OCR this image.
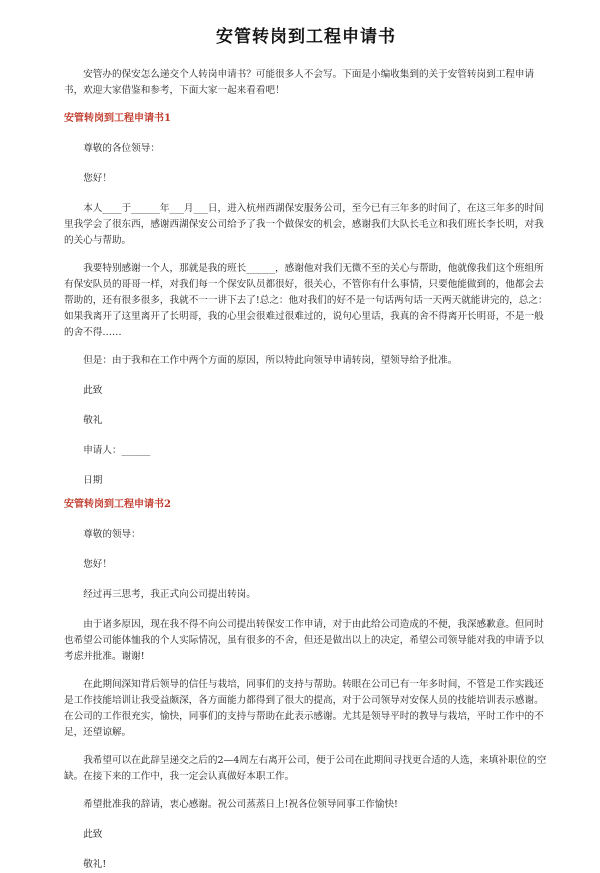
安管转岗到工程申请书

安管办的保安怎么递交个人转岗申请书？可能很多人不会写。下面是小编收集到的关于安管转岗到工程申请书，欢迎大家借鉴和参考，下面大家一起来看看吧！

安管转岗到工程申请书1

尊敬的各位领导：

您好！

本人____于______年___月___日，进入杭州西湖保安服务公司，至今已有三年多的时间了，在这三年多的时间里我学会了很东西，感谢西湖保安公司给予了我一个做保安的机会，感谢我们大队长毛立和我们班长李长明，对我的关心与帮助。

我要特别感谢一个人，那就是我的班长______，感谢他对我们无微不至的关心与帮助，他就像我们这个班组所有保安队员的哥哥一样，对我们每一个保安队员都很好，很关心，不管你有什么事情，只要他能做到的，他都会去帮助的，还有很多很多，我就不一一讲下去了!总之：他对我们的好不是一句话两句话一天两天就能讲完的，总之：如果我离开了这里离开了长明哥，我的心里会很难过很难过的，说句心里话，我真的舍不得离开长明哥，不是一般的舍不得……

但是：由于我和在工作中两个方面的原因，所以特此向领导申请转岗，望领导给予批准。

此致

敬礼

申请人：______

日期

安管转岗到工程申请书2

尊敬的领导：

您好！

经过再三思考，我正式向公司提出转岗。

由于诸多原因，现在我不得不向公司提出转保安工作申请，对于由此给公司造成的不便，我深感歉意。但同时也希望公司能体恤我的个人实际情况，虽有很多的不舍，但还是做出以上的决定，希望公司领导能对我的申请予以考虑并批准。谢谢!

在此期间深知背后领导的信任与栽培，同事们的支持与帮助。转眼在公司已有一年多时间，不管是工作实践还是工作技能培训让我受益颇深，各方面能力都得到了很大的提高，对于公司领导对安保人员的技能培训表示感谢。在公司的工作很充实，愉快，同事们的支持与帮助在此表示感谢。尤其是领导平时的教导与栽培，平时工作中的不足，还望谅解。

我希望可以在此辞呈递交之后的2—4周左右离开公司，便于公司在此期间寻找更合适的人选，来填补职位的空缺。在接下来的工作中，我一定会认真做好本职工作。

希望批准我的辞请，衷心感谢。祝公司蒸蒸日上!祝各位领导同事工作愉快!

此致

敬礼!
